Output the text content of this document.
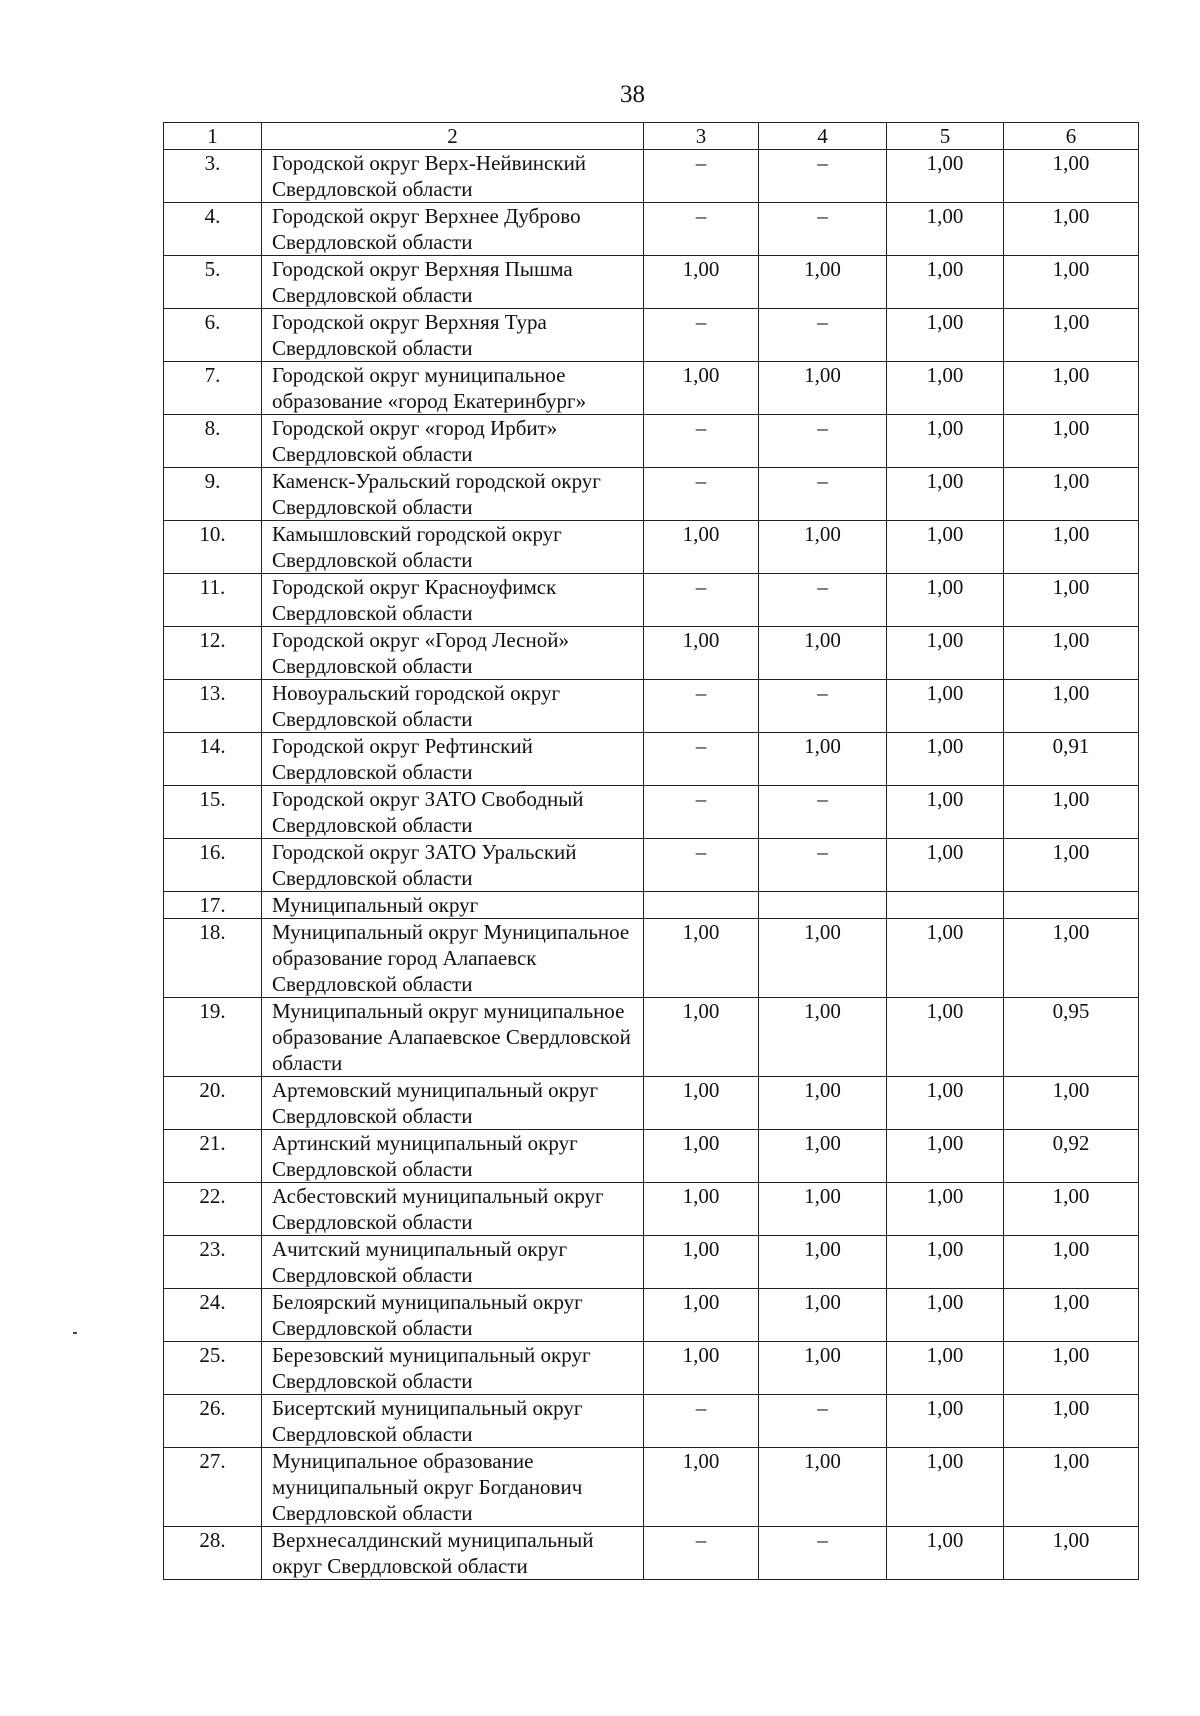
38
1	2	3	4	5	6
3.	Городской округ Верх-Нейвинский Свердловской области	–	–	1,00	1,00
4.	Городской округ Верхнее Дуброво Свердловской области	–	–	1,00	1,00
5.	Городской округ Верхняя Пышма Свердловской области	1,00	1,00	1,00	1,00
6.	Городской округ Верхняя Тура Свердловской области	–	–	1,00	1,00
7.	Городской округ муниципальное образование «город Екатеринбург»	1,00	1,00	1,00	1,00
8.	Городской округ «город Ирбит» Свердловской области	–	–	1,00	1,00
9.	Каменск-Уральский городской округ Свердловской области	–	–	1,00	1,00
10.	Камышловский городской округ Свердловской области	1,00	1,00	1,00	1,00
11.	Городской округ Красноуфимск Свердловской области	–	–	1,00	1,00
12.	Городской округ «Город Лесной» Свердловской области	1,00	1,00	1,00	1,00
13.	Новоуральский городской округ Свердловской области	–	–	1,00	1,00
14.	Городской округ Рефтинский Свердловской области	–	1,00	1,00	0,91
15.	Городской округ ЗАТО Свободный Свердловской области	–	–	1,00	1,00
16.	Городской округ ЗАТО Уральский Свердловской области	–	–	1,00	1,00
17.	Муниципальный округ				
18.	Муниципальный округ Муниципальное образование город Алапаевск Свердловской области	1,00	1,00	1,00	1,00
19.	Муниципальный округ муниципальное образование Алапаевское Свердловской области	1,00	1,00	1,00	0,95
20.	Артемовский муниципальный округ Свердловской области	1,00	1,00	1,00	1,00
21.	Артинский муниципальный округ Свердловской области	1,00	1,00	1,00	0,92
22.	Асбестовский муниципальный округ Свердловской области	1,00	1,00	1,00	1,00
23.	Ачитский муниципальный округ Свердловской области	1,00	1,00	1,00	1,00
24.	Белоярский муниципальный округ Свердловской области	1,00	1,00	1,00	1,00
25.	Березовский муниципальный округ Свердловской области	1,00	1,00	1,00	1,00
26.	Бисертский муниципальный округ Свердловской области	–	–	1,00	1,00
27.	Муниципальное образование муниципальный округ Богданович Свердловской области	1,00	1,00	1,00	1,00
28.	Верхнесалдинский муниципальный округ Свердловской области	–	–	1,00	1,00
